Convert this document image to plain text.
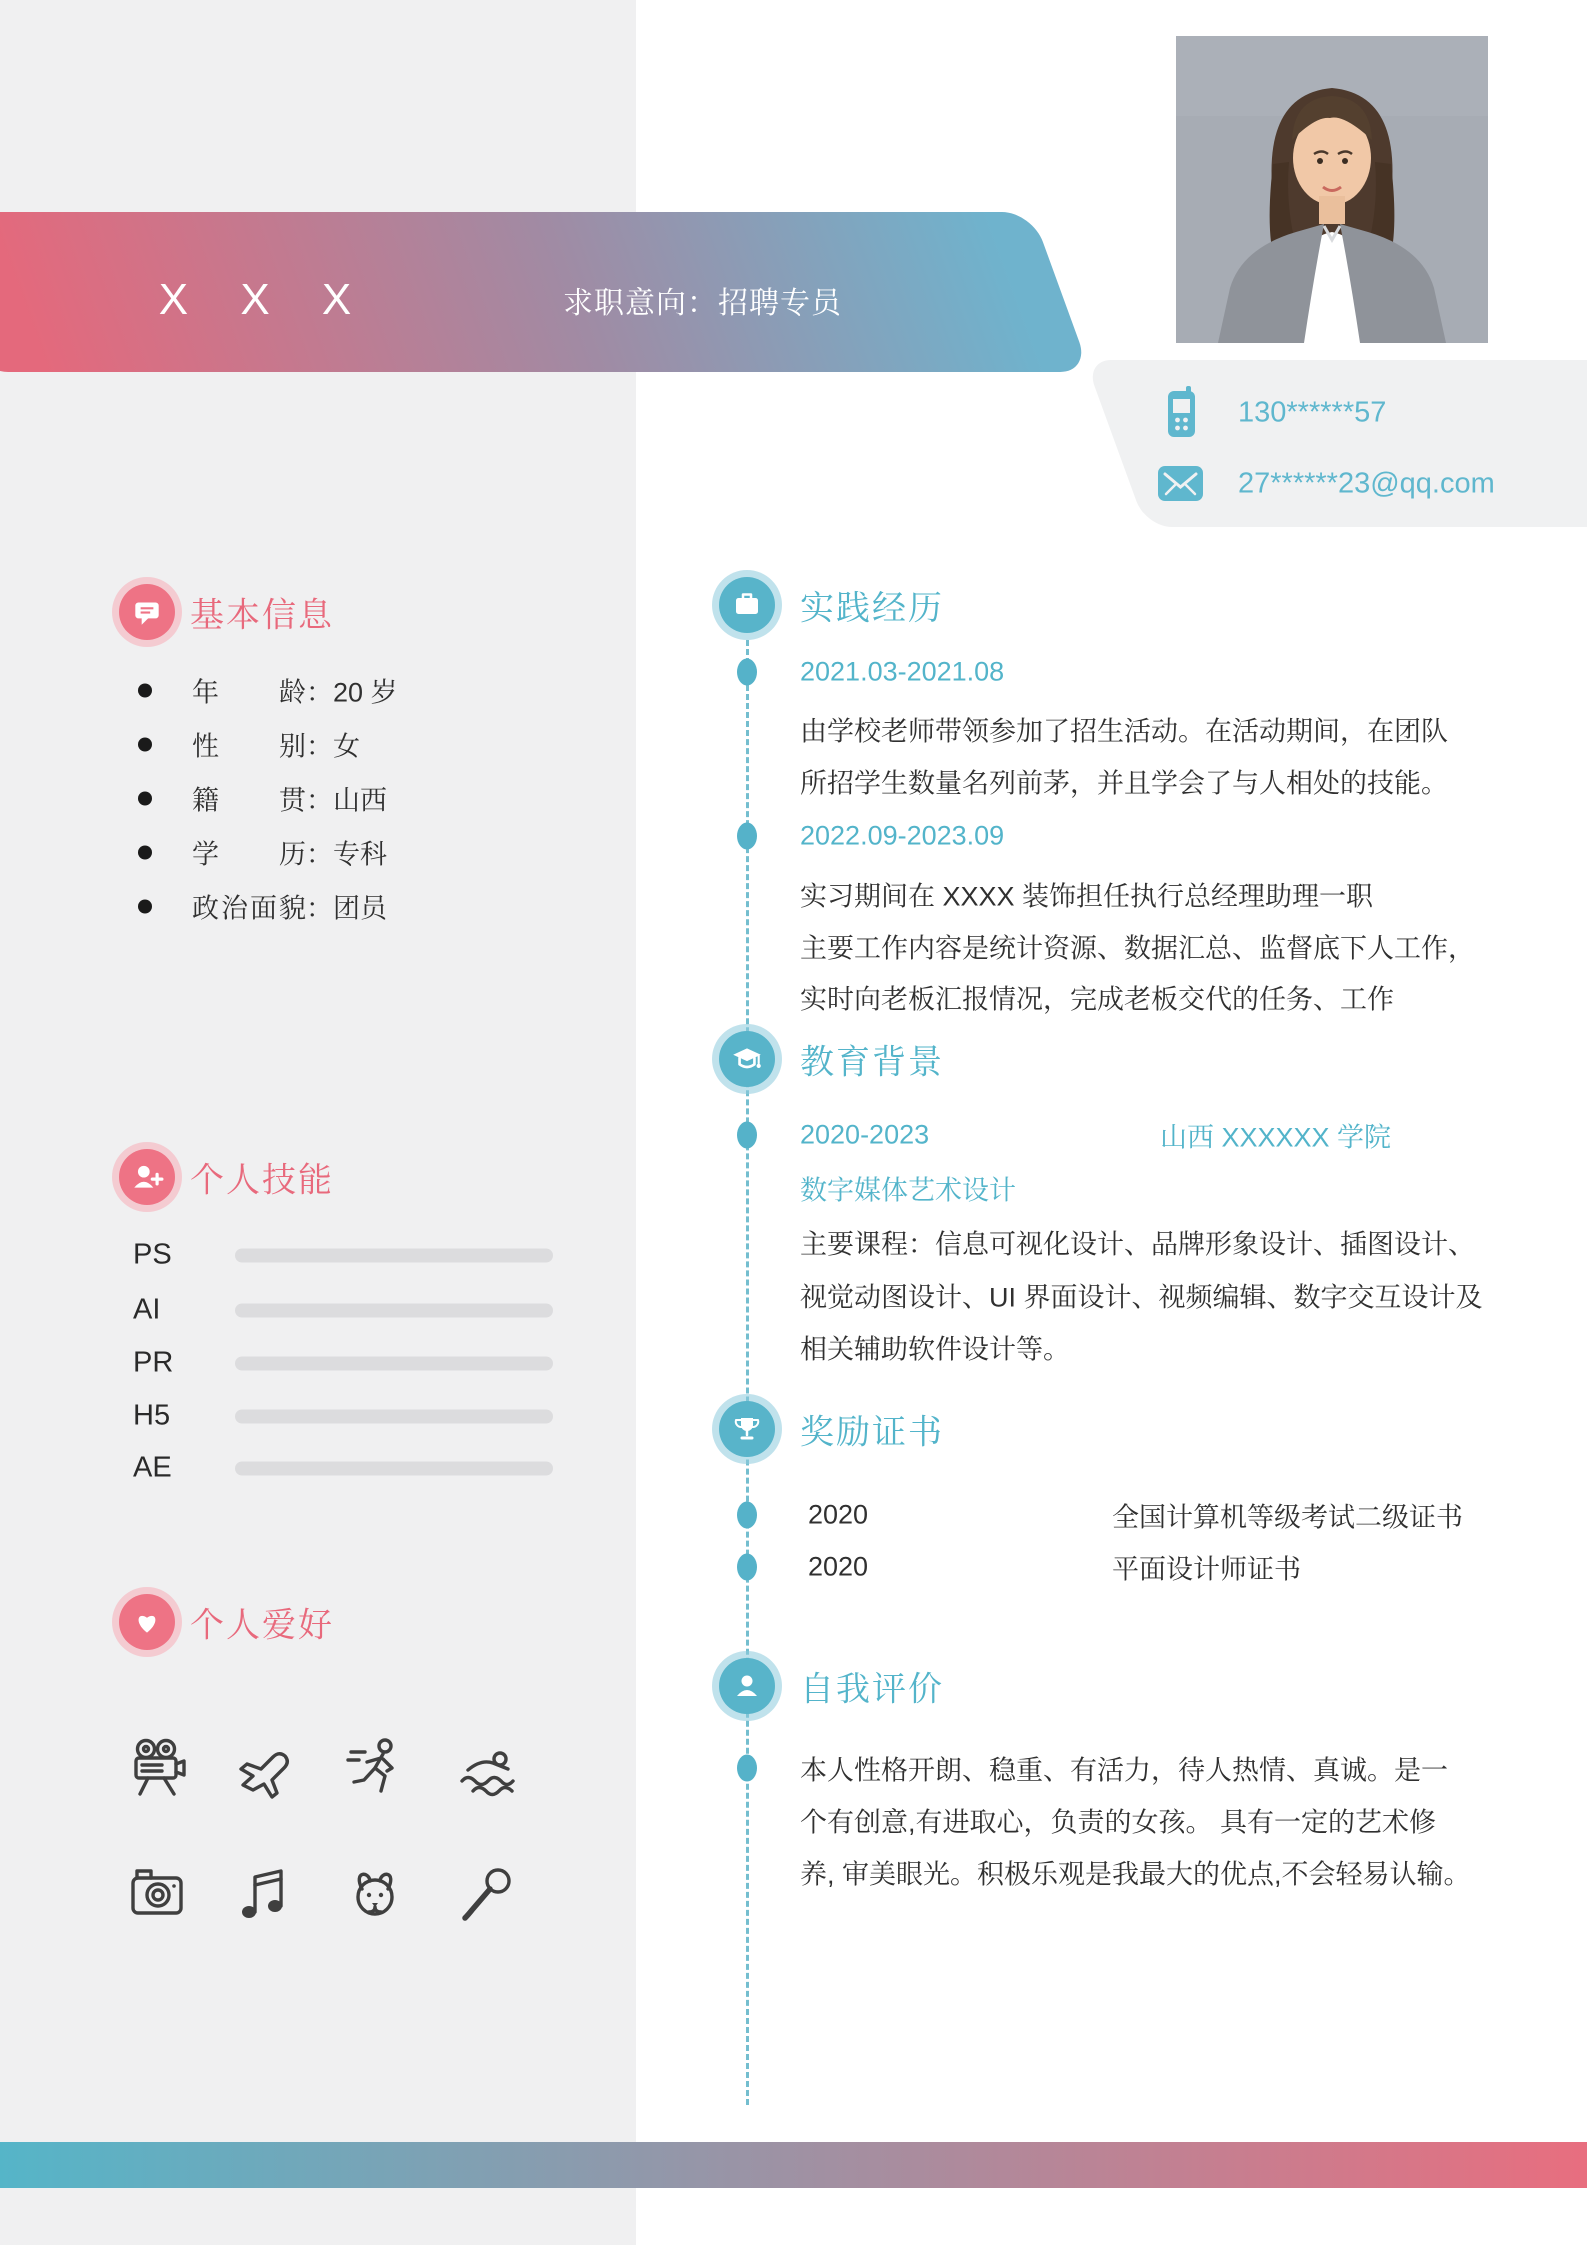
X X X	求职意向：招聘专员
130******57
27******23@qq.com
基本信息
年龄 ： 20 岁
性别 ： 女
籍贯 ： 山西
学历 ： 专科
政治面貌 ： 团员
个人技能
PS
AI
PR
H5
AE
个人爱好
实践经历
2021.03-2021.08
由学校老师带领参加了招生活动。在活动期间，在团队
所招学生数量名列前茅，并且学会了与人相处的技能。
2022.09-2023.09
实习期间在 XXXX 装饰担任执行总经理助理一职
主要工作内容是统计资源、数据汇总、监督底下人工作，
实时向老板汇报情况，完成老板交代的任务、工作
教育背景
2020-2023	山西 XXXXXX 学院
数字媒体艺术设计
主要课程：信息可视化设计、品牌形象设计、插图设计、
视觉动图设计、UI 界面设计、视频编辑、数字交互设计及
相关辅助软件设计等。
奖励证书
2020	全国计算机等级考试二级证书
2020	平面设计师证书
自我评价
本人性格开朗、稳重、有活力，待人热情、真诚。是一
个有创意,有进取心，负责的女孩。 具有一定的艺术修
养, 审美眼光。积极乐观是我最大的优点,不会轻易认输。
